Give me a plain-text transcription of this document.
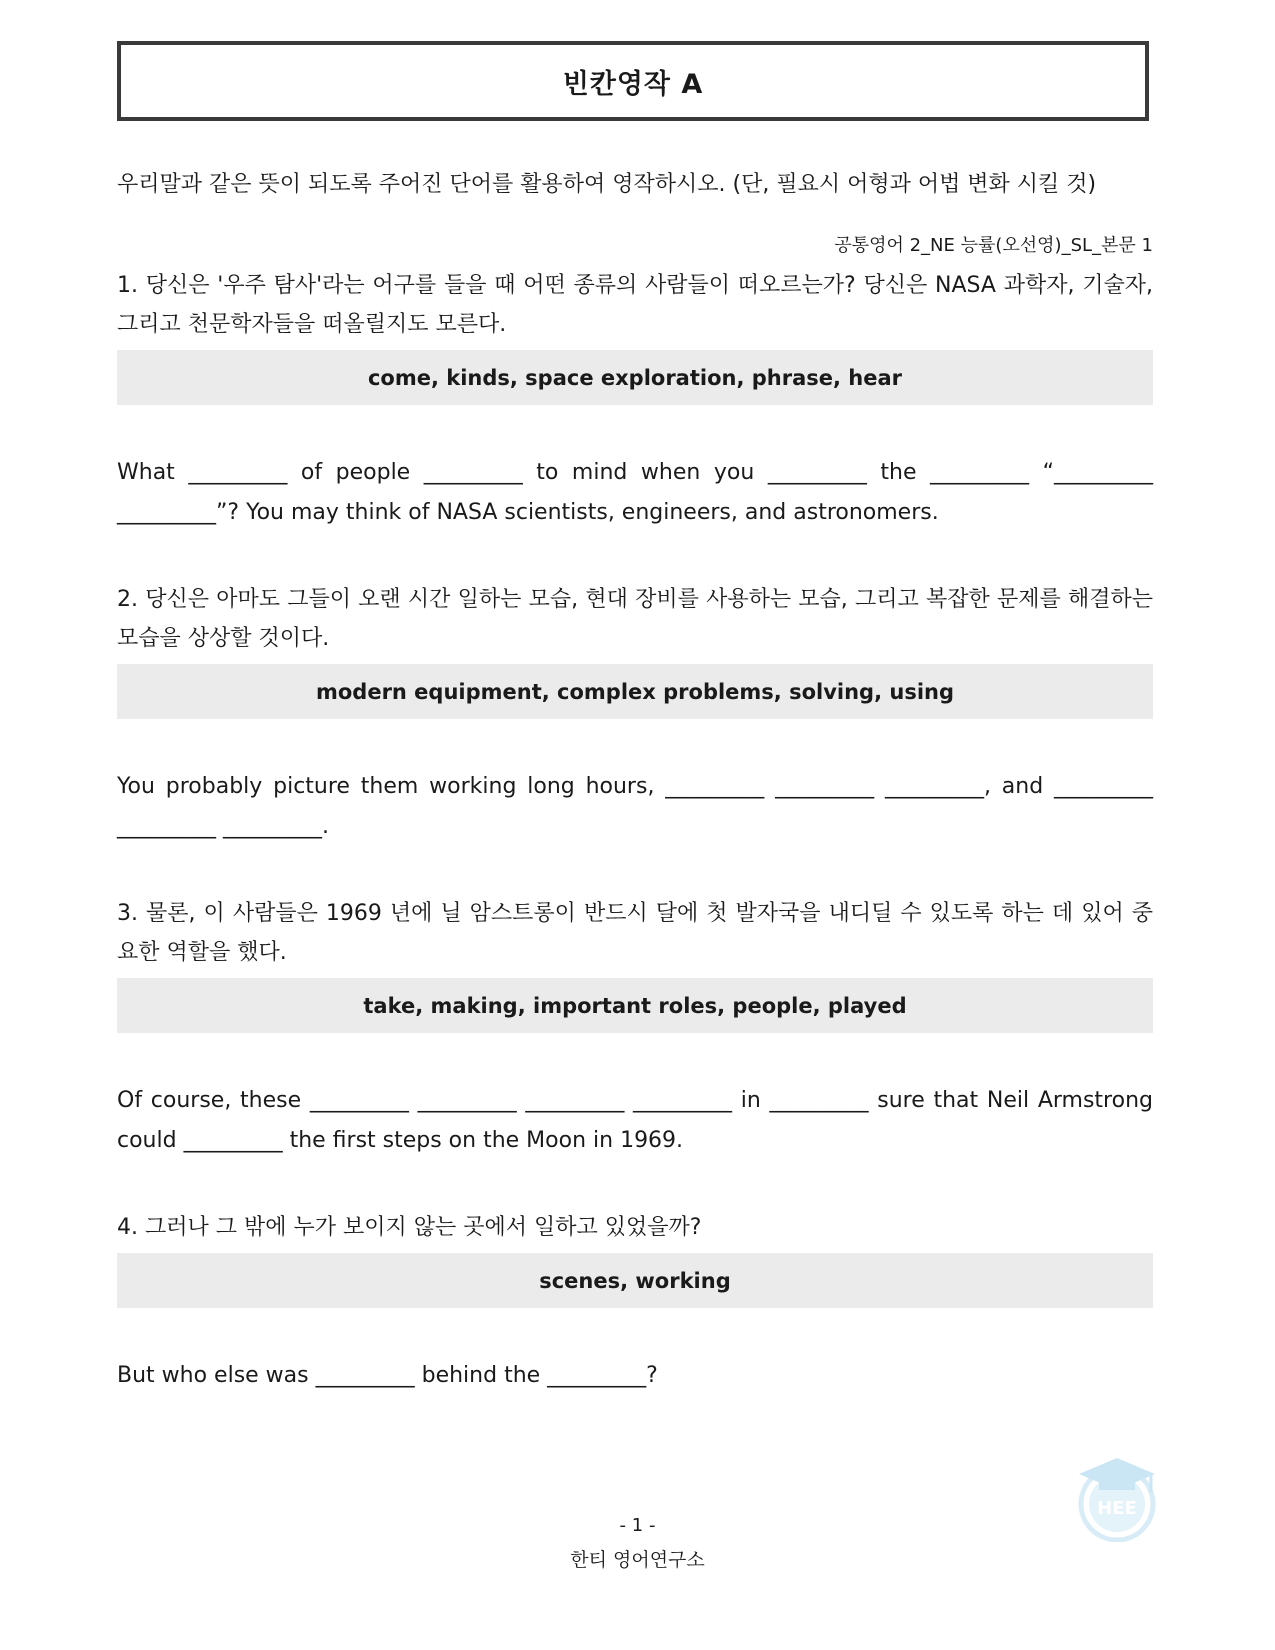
빈칸영작 A
우리말과 같은 뜻이 되도록 주어진 단어를 활용하여 영작하시오. (단, 필요시 어형과 어법 변화 시킬 것)
공통영어 2_NE 능률(오선영)_SL_본문 1

1. 당신은 '우주 탐사'라는 어구를 들을 때 어떤 종류의 사람들이 떠오르는가? 당신은 NASA 과학자, 기술자, 그리고 천문학자들을 떠올릴지도 모른다.

come, kinds, space exploration, phrase, hear

What _________ of people _________ to mind when you _________ the _________ “_________ _________”? You may think of NASA scientists, engineers, and astronomers.

2. 당신은 아마도 그들이 오랜 시간 일하는 모습, 현대 장비를 사용하는 모습, 그리고 복잡한 문제를 해결하는 모습을 상상할 것이다.

modern equipment, complex problems, solving, using

You probably picture them working long hours, _________ _________ _________, and _________ _________ _________.

3. 물론, 이 사람들은 1969 년에 닐 암스트롱이 반드시 달에 첫 발자국을 내디딜 수 있도록 하는 데 있어 중요한 역할을 했다.

take, making, important roles, people, played

Of course, these _________ _________ _________ _________ in _________ sure that Neil Armstrong could _________ the first steps on the Moon in 1969.

4. 그러나 그 밖에 누가 보이지 않는 곳에서 일하고 있었을까?

scenes, working

But who else was _________ behind the _________?

HEE
- 1 -
한티 영어연구소
